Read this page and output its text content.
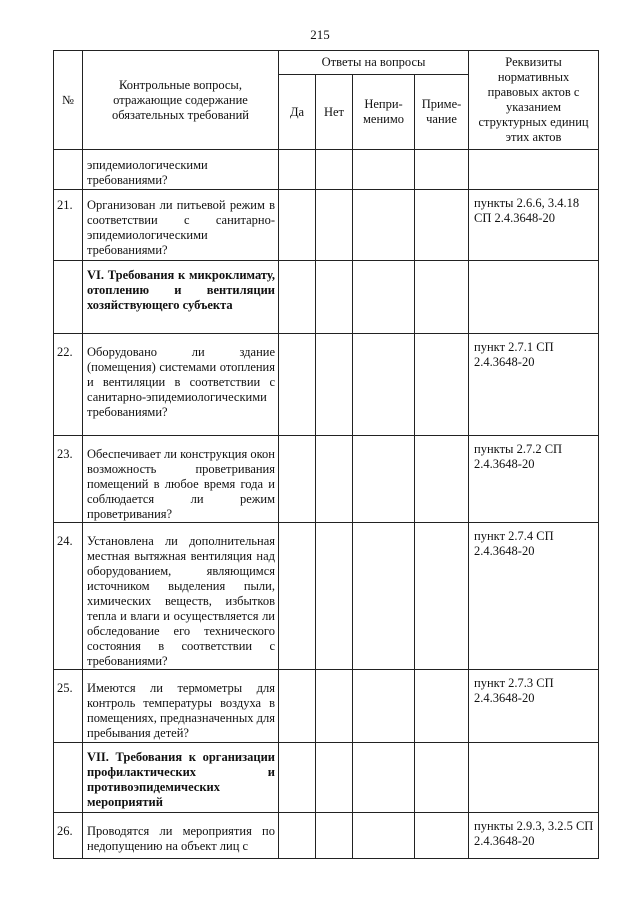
215
№	Контрольные вопросы, отражающие содержание обязательных требований	Ответы на вопросы				Реквизиты нормативных правовых актов с указанием структурных единиц этих актов
		Да	Нет	Непри-менимо	Приме-чание	
	эпидемиологическими требованиями?					
21.	Организован ли питьевой режим в соответствии с санитарно-эпидемиологическими требованиями?					пункты 2.6.6, 3.4.18 СП 2.4.3648-20
	VI. Требования к микроклимату, отоплению и вентиляции хозяйствующего субъекта					
22.	Оборудовано ли здание (помещения) системами отопления и вентиляции в соответствии с санитарно-эпидемиологическими требованиями?					пункт 2.7.1 СП 2.4.3648-20
23.	Обеспечивает ли конструкция окон возможность проветривания помещений в любое время года и соблюдается ли режим проветривания?					пункты 2.7.2 СП 2.4.3648-20
24.	Установлена ли дополнительная местная вытяжная вентиляция над оборудованием, являющимся источником выделения пыли, химических веществ, избытков тепла и влаги и осуществляется ли обследование его технического состояния в соответствии с требованиями?					пункт 2.7.4 СП 2.4.3648-20
25.	Имеются ли термометры для контроль температуры воздуха в помещениях, предназначенных для пребывания детей?					пункт 2.7.3 СП 2.4.3648-20
	VII. Требования к организации профилактических и противоэпидемических мероприятий					
26.	Проводятся ли мероприятия по недопущению на объект лиц с					пункты 2.9.3, 3.2.5 СП 2.4.3648-20
